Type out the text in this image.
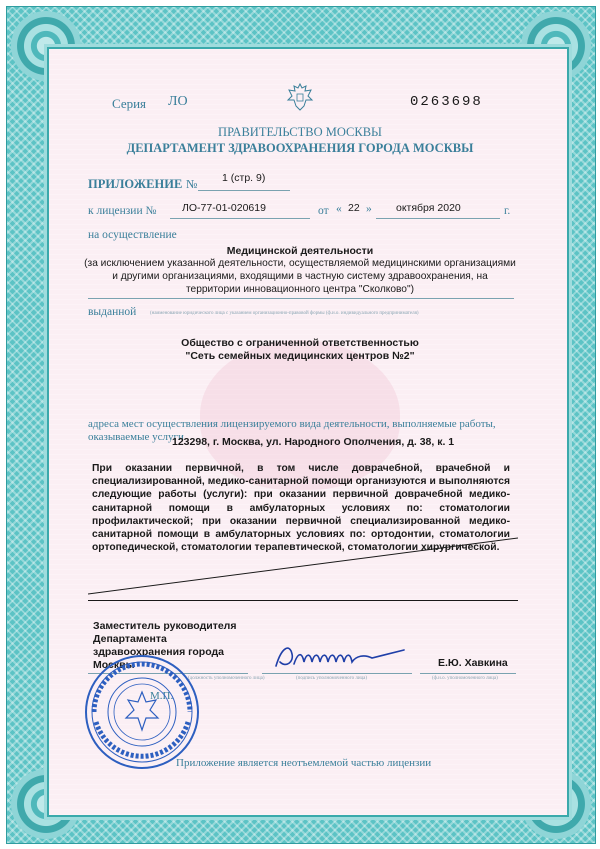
Серия ЛО	0263698
ПРАВИТЕЛЬСТВО МОСКВЫ
ДЕПАРТАМЕНТ ЗДРАВООХРАНЕНИЯ ГОРОДА МОСКВЫ
ПРИЛОЖЕНИЕ № 1 (стр. 9)
к лицензии № ЛО-77-01-020619	от « 22 » октября 2020	г.
на осуществление
Медицинской деятельности
(за исключением указанной деятельности, осуществляемой медицинскими организациями
и другими организациями, входящими в частную систему здравоохранения, на
территории инновационного центра "Сколково")
выданной	(наименование юридического лица с указанием организационно-правовой формы (ф.и.о. индивидуального предпринимателя)
Общество с ограниченной ответственностью
"Сеть семейных медицинских центров №2"
адреса мест осуществления лицензируемого вида деятельности, выполняемые работы,
оказываемые услуги
123298, г. Москва, ул. Народного Ополчения, д. 38, к. 1
При оказании первичной, в том числе доврачебной, врачебной и специализированной, медико-санитарной помощи организуются и выполняются следующие работы (услуги): при оказании первичной доврачебной медико-санитарной помощи в амбулаторных условиях по: стоматологии профилактической; при оказании первичной специализированной медико-санитарной помощи в амбулаторных условиях по: ортодонтии, стоматологии ортопедической, стоматологии терапевтической, стоматологии хирургической.
Заместитель руководителя
Департамента
здравоохранения города
Москвы
(должность уполномоченного лица)	(подпись уполномоченного лица)
Е.Ю. Хавкина
(ф.и.о. уполномоченного лица)
М.П.
Приложение является неотъемлемой частью лицензии
